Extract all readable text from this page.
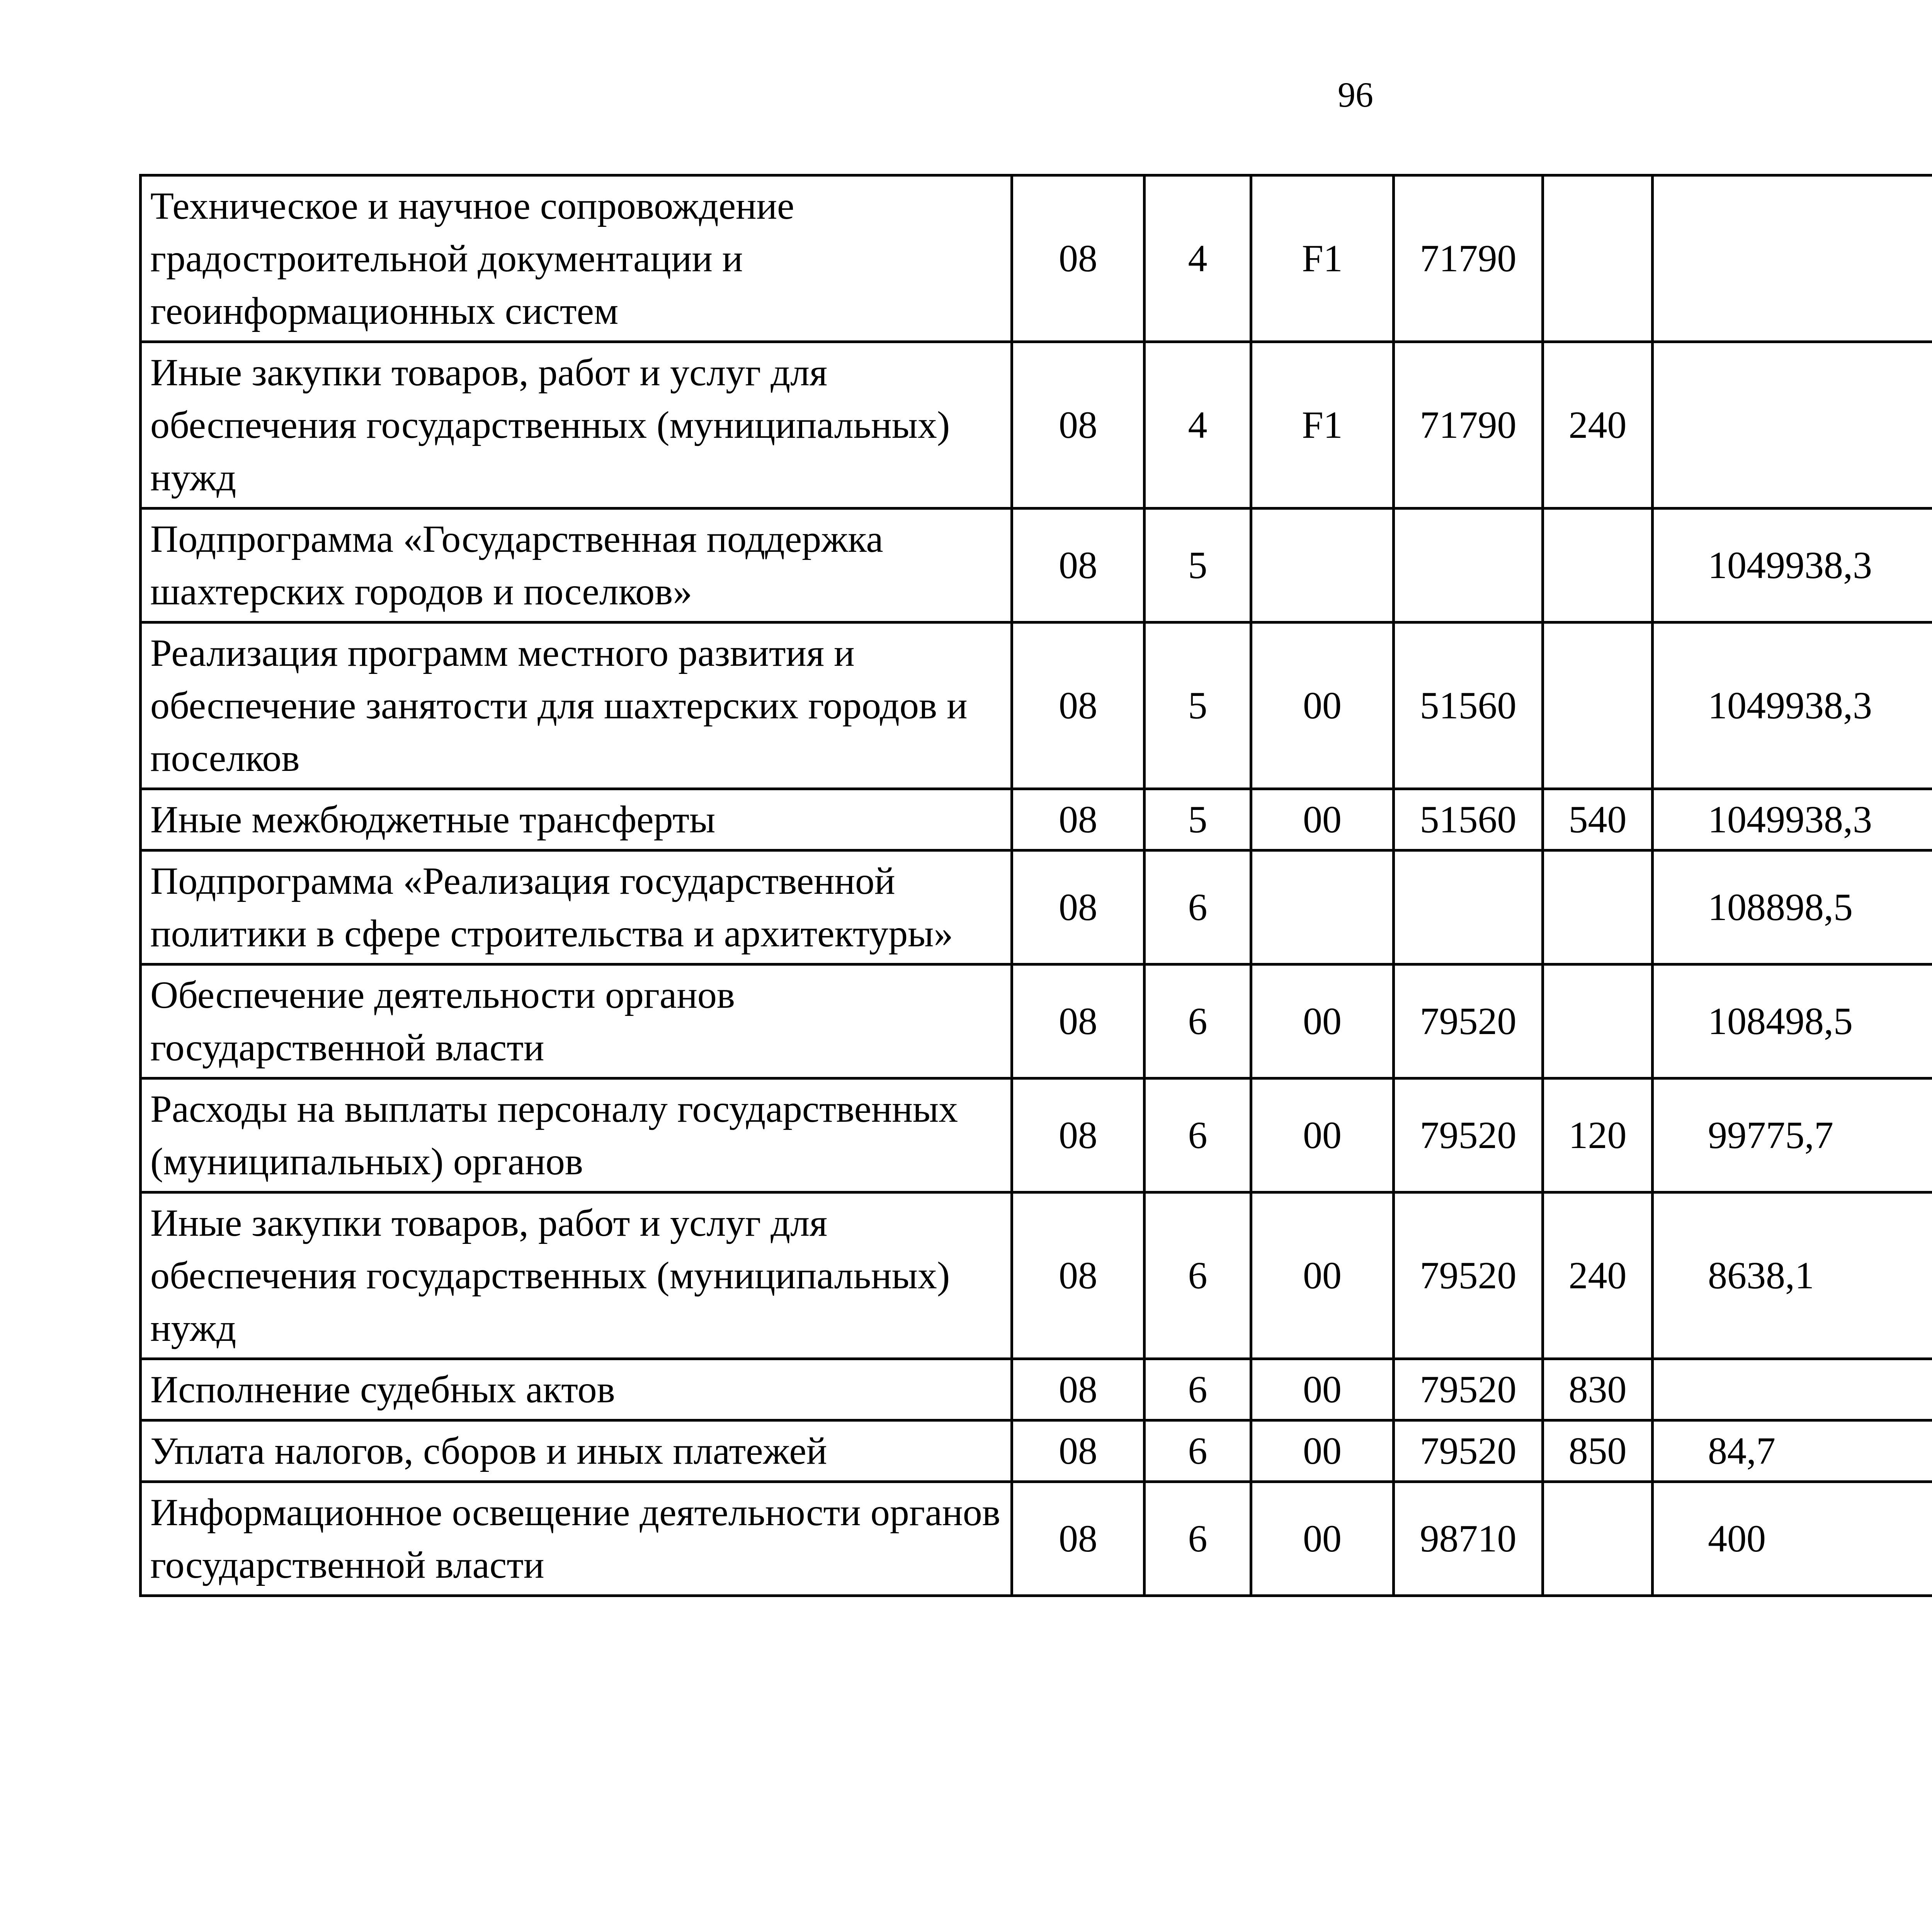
96
Техническое и научное сопровождение градостроительной документации и геоинформационных систем	08	4	F1	71790				
Иные закупки товаров, работ и услуг для обеспечения государственных (муниципальных) нужд	08	4	F1	71790	240			
Подпрограмма «Государственная поддержка шахтерских городов и поселков»	08	5				1049938,3		
Реализация программ местного развития и обеспечение занятости для шахтерских городов и поселков	08	5	00	51560		1049938,3		
Иные межбюджетные трансферты	08	5	00	51560	540	1049938,3		
Подпрограмма «Реализация государственной политики в сфере строительства и архитектуры»	08	6				108898,5		
Обеспечение деятельности органов государственной власти	08	6	00	79520		108498,5		
Расходы на выплаты персоналу государственных (муниципальных) органов	08	6	00	79520	120	99775,7		
Иные закупки товаров, работ и услуг для обеспечения государственных (муниципальных) нужд	08	6	00	79520	240	8638,1		
Исполнение судебных актов	08	6	00	79520	830			
Уплата налогов, сборов и иных платежей	08	6	00	79520	850	84,7		
Информационное освещение деятельности органов государственной власти	08	6	00	98710		400		
